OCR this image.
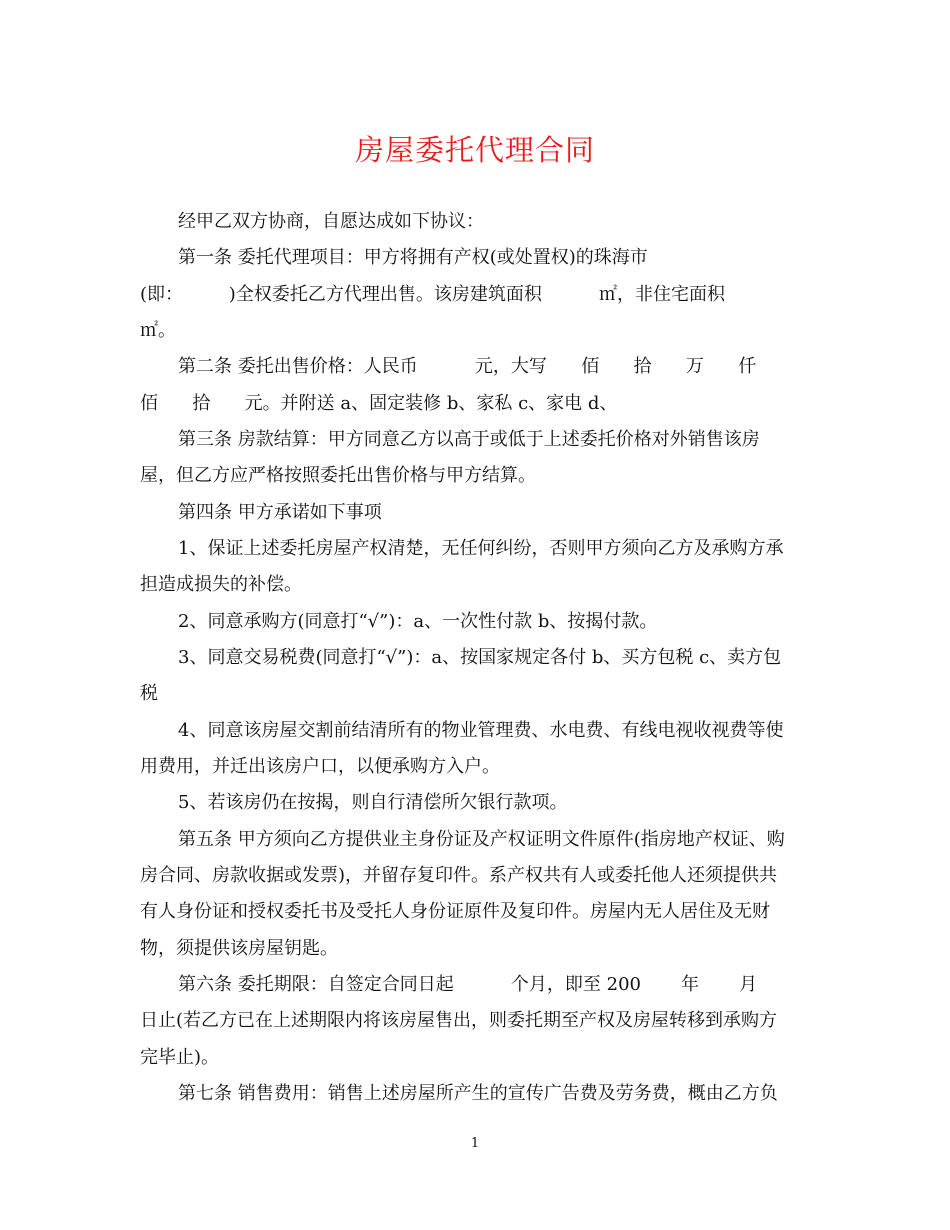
房屋委托代理合同
经甲乙双方协商，自愿达成如下协议：
第一条 委托代理项目：甲方将拥有产权(或处置权)的珠海市
(即：        )全权委托乙方代理出售。该房建筑面积          ㎡，非住宅面积
㎡。
第二条 委托出售价格：人民币          元，大写      佰      拾      万      仟
佰      拾      元。并附送 a、固定装修 b、家私 c、家电 d、
第三条 房款结算：甲方同意乙方以高于或低于上述委托价格对外销售该房
屋，但乙方应严格按照委托出售价格与甲方结算。
第四条 甲方承诺如下事项
1、保证上述委托房屋产权清楚，无任何纠纷，否则甲方须向乙方及承购方承
担造成损失的补偿。
2、同意承购方(同意打“√”)：a、一次性付款 b、按揭付款。
3、同意交易税费(同意打“√”)：a、按国家规定各付 b、买方包税 c、卖方包
税
4、同意该房屋交割前结清所有的物业管理费、水电费、有线电视收视费等使
用费用，并迁出该房户口，以便承购方入户。
5、若该房仍在按揭，则自行清偿所欠银行款项。
第五条 甲方须向乙方提供业主身份证及产权证明文件原件(指房地产权证、购
房合同、房款收据或发票)，并留存复印件。系产权共有人或委托他人还须提供共
有人身份证和授权委托书及受托人身份证原件及复印件。房屋内无人居住及无财
物，须提供该房屋钥匙。
第六条 委托期限：自签定合同日起          个月，即至 200       年       月
日止(若乙方已在上述期限内将该房屋售出，则委托期至产权及房屋转移到承购方
完毕止)。
第七条 销售费用：销售上述房屋所产生的宣传广告费及劳务费，概由乙方负
1
